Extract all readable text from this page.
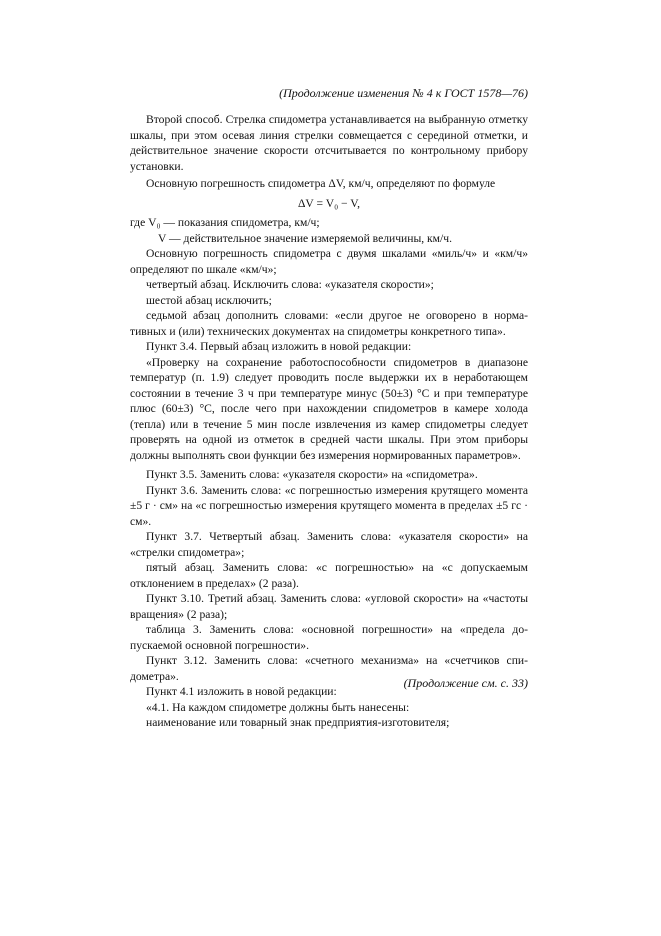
(Продолжение изменения № 4 к ГОСТ 1578—76)

Второй способ. Стрелка спидометра устанавливается на выбранную отметку шкалы, при этом осевая линия стрелки совмещается с серединой отметки, и действительное значение скорости отсчитывается по контрольному прибору установки.

Основную погрешность спидометра ΔV, км/ч, определяют по формуле

ΔV = V₀ − V,

где V₀ — показания спидометра, км/ч;

V — действительное значение измеряемой величины, км/ч.

Основную погрешность спидометра с двумя шкалами «миль/ч» и «км/ч» определяют по шкале «км/ч»;

четвертый абзац. Исключить слова: «указателя скорости»;

шестой абзац исключить;

седьмой абзац дополнить словами: «если другое не оговорено в нормативных и (или) технических документах на спидометры конкретного типа».

Пункт 3.4. Первый абзац изложить в новой редакции:

«Проверку на сохранение работоспособности спидометров в диапазоне температур (п. 1.9) следует проводить после выдержки их в неработающем состоянии в течение 3 ч при температуре минус (50±3) °С и при температуре плюс (60±3) °С, после чего при нахождении спидометров в камере холода (тепла) или в течение 5 мин после извлечения из камер спидометры следует проверять на одной из отметок в средней части шкалы. При этом приборы должны выполнять свои функции без измерения нормированных параметров».

Пункт 3.5. Заменить слова: «указателя скорости» на «спидометра».

Пункт 3.6. Заменить слова: «с погрешностью измерения крутящего момента ±5 г · см» на «с погрешностью измерения крутящего момента в пределах ±5 гс · см».

Пункт 3.7. Четвертый абзац. Заменить слова: «указателя скорости» на «стрелки спидометра»;

пятый абзац. Заменить слова: «с погрешностью» на «с допускаемым отклонением в пределах» (2 раза).

Пункт 3.10. Третий абзац. Заменить слова: «угловой скорости» на «частоты вращения» (2 раза);

таблица 3. Заменить слова: «основной погрешности» на «предела допускаемой основной погрешности».

Пункт 3.12. Заменить слова: «счетного механизма» на «счетчиков спидометра».

Пункт 4.1 изложить в новой редакции:

«4.1. На каждом спидометре должны быть нанесены:

наименование или товарный знак предприятия-изготовителя;

(Продолжение см. с. 33)
